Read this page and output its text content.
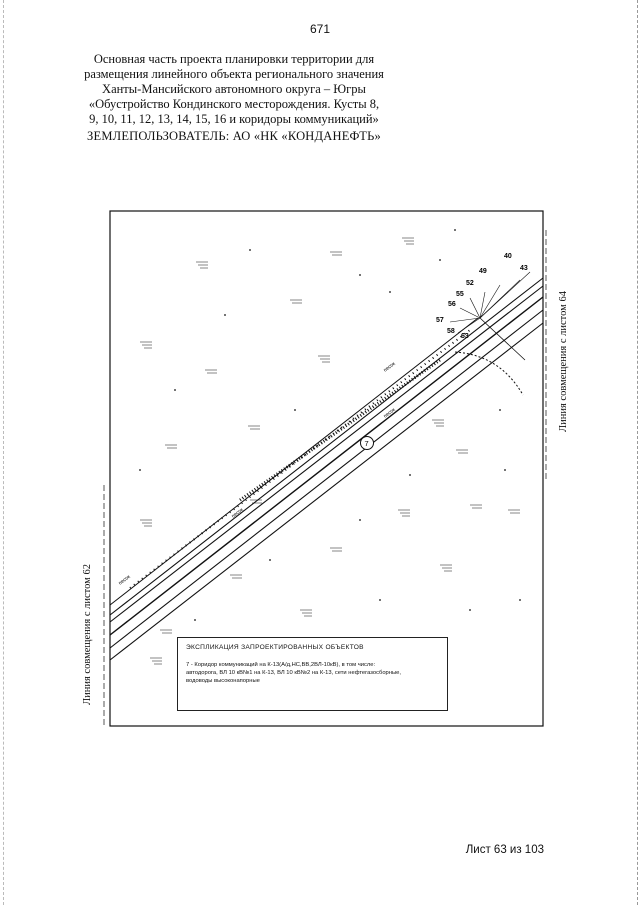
671
Основная часть проекта планировки территории для
размещения линейного объекта регионального значения
Ханты-Мансийского автономного округа – Югры
«Обустройство Кондинского месторождения. Кусты 8,
9, 10, 11, 12, 13, 14, 15, 16 и коридоры коммуникаций»
ЗЕМЛЕПОЛЬЗОВАТЕЛЬ: АО «НК «КОНДАНЕФТЬ»
40
43
49
52
55
56
57
58
63
7
песок
песок
песок
песок
Линия совмещения с листом 62
Линия совмещения с листом 64
ЭКСПЛИКАЦИЯ ЗАПРОЕКТИРОВАННЫХ ОБЪЕКТОВ
7 - Коридор коммуникаций на К-13(А/д,НС,ВВ,2ВЛ-10кВ), в том числе:
автодорога, ВЛ 10 кВ№1 на К-13, ВЛ 10 кВ№2 на К-13, сети нефтегазосборные,
водоводы высоконапорные
Лист 63 из 103
